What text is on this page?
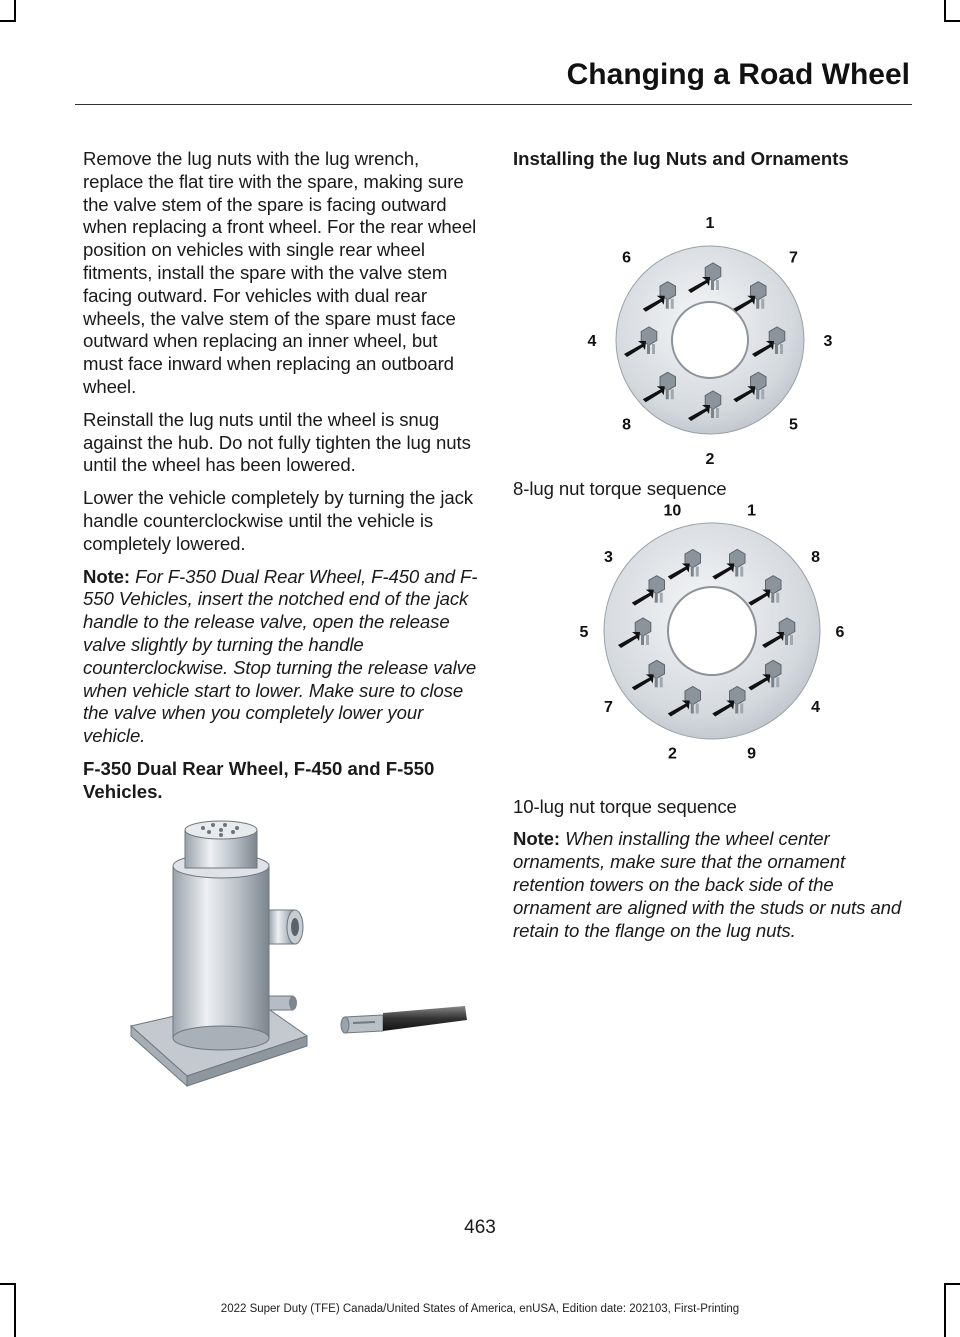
Changing a Road Wheel

Remove the lug nuts with the lug wrench, replace the flat tire with the spare, making sure the valve stem of the spare is facing outward when replacing a front wheel. For the rear wheel position on vehicles with single rear wheel fitments, install the spare with the valve stem facing outward. For vehicles with dual rear wheels, the valve stem of the spare must face outward when replacing an inner wheel, but must face inward when replacing an outboard wheel.

Reinstall the lug nuts until the wheel is snug against the hub. Do not fully tighten the lug nuts until the wheel has been lowered.

Lower the vehicle completely by turning the jack handle counterclockwise until the vehicle is completely lowered.

Note: For F-350 Dual Rear Wheel, F-450 and F-550 Vehicles, insert the notched end of the jack handle to the release valve, open the release valve slightly by turning the handle counterclockwise. Stop turning the release valve when vehicle start to lower. Make sure to close the valve when you completely lower your vehicle.

F-350 Dual Rear Wheel, F-450 and F-550 Vehicles.
Installing the lug Nuts and Ornaments
1
7
3
5
2
8
4
6

8-lug nut torque sequence

1
8
6
4
9
2
7
5
3
10

10-lug nut torque sequence

Note: When installing the wheel center ornaments, make sure that the ornament retention towers on the back side of the ornament are aligned with the studs or nuts and retain to the flange on the lug nuts.

463
2022 Super Duty (TFE) Canada/United States of America, enUSA, Edition date: 202103, First-Printing
